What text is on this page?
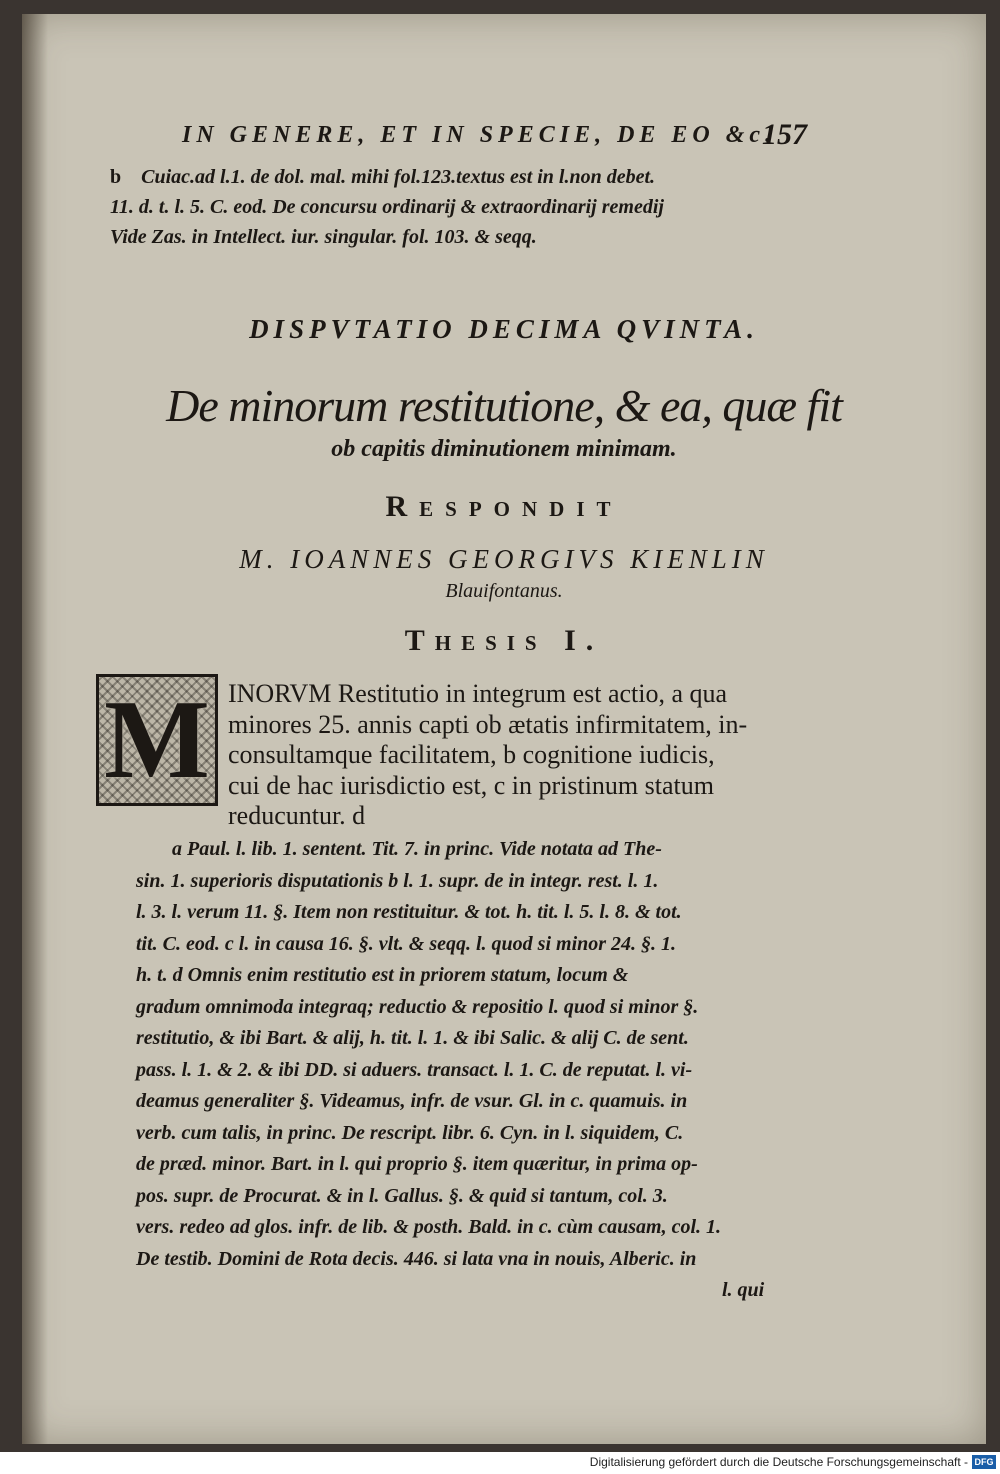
IN GENERE, ET IN SPECIE, DE EO &c.
157
b Cuiac.ad l.1. de dol. mal. mihi fol.123.textus est in l.non debet.
11. d. t. l. 5. C. eod. De concursu ordinarij & extraordinarij remedij
Vide Zas. in Intellect. iur. singular. fol. 103. & seqq.
DISPVTATIO DECIMA QVINTA.
De minorum restitutione, & ea, quæ fit
ob capitis diminutionem minimam.
Respondit
M. IOANNES GEORGIVS KIENLIN
Blauifontanus.
Thesis I.
M INORVM Restitutio in integrum est actio, a qua
minores 25. annis capti ob ætatis infirmitatem, in-
consultamque facilitatem, b cognitione iudicis,
cui de hac iurisdictio est, c in pristinum statum
reducuntur. d
a Paul. l. lib. 1. sentent. Tit. 7. in princ. Vide notata ad The-
sin. 1. superioris disputationis b l. 1. supr. de in integr. rest. l. 1.
l. 3. l. verum 11. §. Item non restituitur. & tot. h. tit. l. 5. l. 8. & tot.
tit. C. eod. c l. in causa 16. §. vlt. & seqq. l. quod si minor 24. §. 1.
h. t. d Omnis enim restitutio est in priorem statum, locum &
gradum omnimoda integraq; reductio & repositio l. quod si minor §.
restitutio, & ibi Bart. & alij, h. tit. l. 1. & ibi Salic. & alij C. de sent.
pass. l. 1. & 2. & ibi DD. si aduers. transact. l. 1. C. de reputat. l. vi-
deamus generaliter §. Videamus, infr. de vsur. Gl. in c. quamuis. in
verb. cum talis, in princ. De rescript. libr. 6. Cyn. in l. siquidem, C.
de præd. minor. Bart. in l. qui proprio §. item quæritur, in prima op-
pos. supr. de Procurat. & in l. Gallus. §. & quid si tantum, col. 3.
vers. redeo ad glos. infr. de lib. & posth. Bald. in c. cùm causam, col. 1.
De testib. Domini de Rota decis. 446. si lata vna in nouis, Alberic. in
l. qui
Digitalisierung gefördert durch die Deutsche Forschungsgemeinschaft - DFG
